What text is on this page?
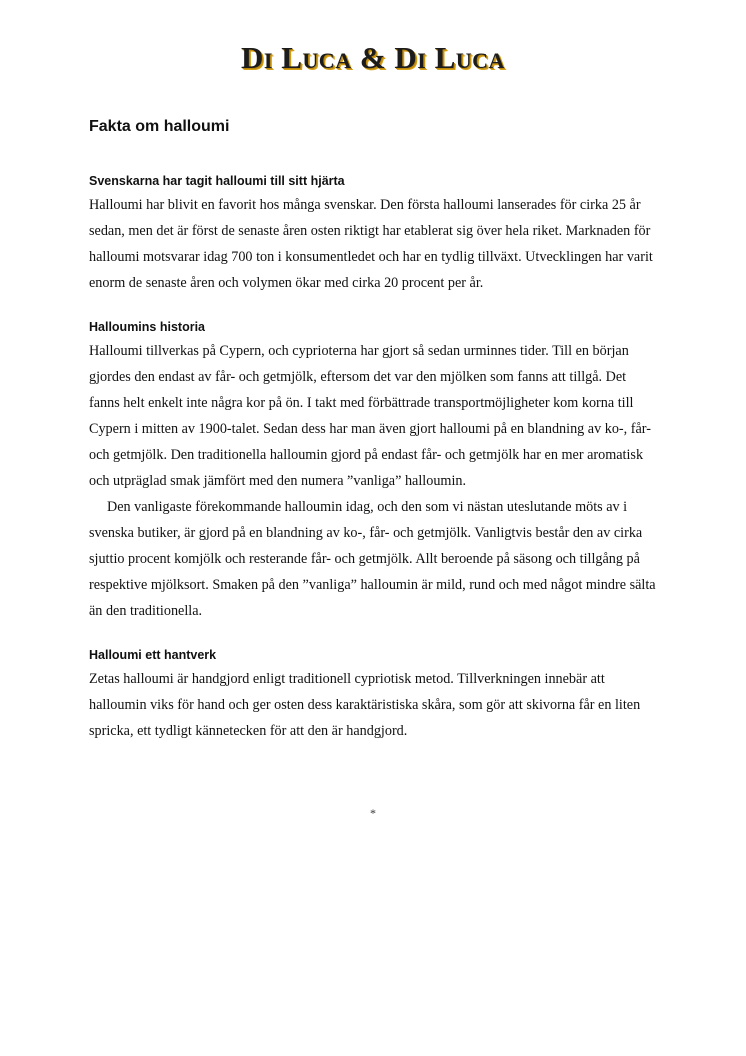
Di Luca & Di Luca
Fakta om halloumi
Svenskarna har tagit halloumi till sitt hjärta

Halloumi har blivit en favorit hos många svenskar. Den första halloumi lanserades för cirka 25 år sedan, men det är först de senaste åren osten riktigt har etablerat sig över hela riket. Marknaden för halloumi motsvarar idag 700 ton i konsumentledet och har en tydlig tillväxt. Utvecklingen har varit enorm de senaste åren och volymen ökar med cirka 20 procent per år.

Halloumins historia

Halloumi tillverkas på Cypern, och cyprioterna har gjort så sedan urminnes tider. Till en början gjordes den endast av får- och getmjölk, eftersom det var den mjölken som fanns att tillgå. Det fanns helt enkelt inte några kor på ön. I takt med förbättrade transportmöjligheter kom korna till Cypern i mitten av 1900-talet. Sedan dess har man även gjort halloumi på en blandning av ko-, får- och getmjölk. Den traditionella halloumin gjord på endast får- och getmjölk har en mer aromatisk och utpräglad smak jämfört med den numera ”vanliga” halloumin.

Den vanligaste förekommande halloumin idag, och den som vi nästan uteslutande möts av i svenska butiker, är gjord på en blandning av ko-, får- och getmjölk. Vanligtvis består den av cirka sjuttio procent komjölk och resterande får- och getmjölk. Allt beroende på säsong och tillgång på respektive mjölksort. Smaken på den ”vanliga” halloumin är mild, rund och med något mindre sälta än den traditionella.

Halloumi ett hantverk

Zetas halloumi är handgjord enligt traditionell cypriotisk metod. Tillverkningen innebär att halloumin viks för hand och ger osten dess karaktäristiska skåra, som gör att skivorna får en liten spricka, ett tydligt kännetecken för att den är handgjord.

*
